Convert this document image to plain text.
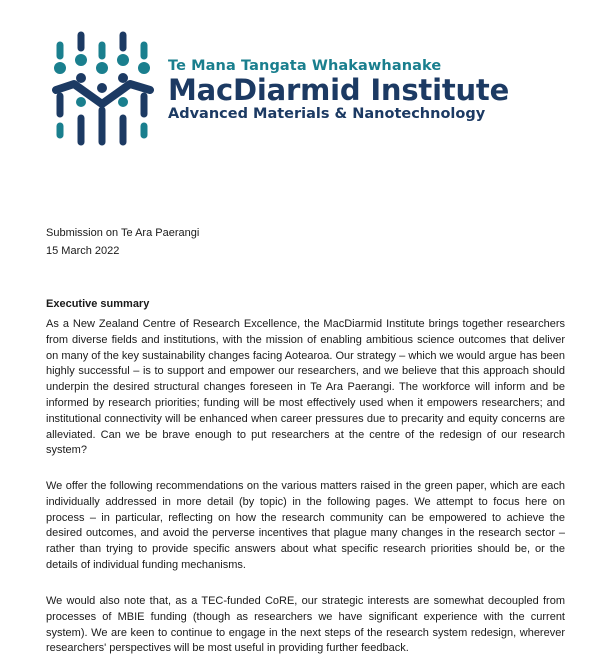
Te Mana Tangata Whakawhanake
MacDiarmid Institute
Advanced Materials & Nanotechnology
Submission on Te Ara Paerangi
15 March 2022
Executive summary

As a New Zealand Centre of Research Excellence, the MacDiarmid Institute brings together researchers from diverse fields and institutions, with the mission of enabling ambitious science outcomes that deliver on many of the key sustainability changes facing Aotearoa. Our strategy – which we would argue has been highly successful – is to support and empower our researchers, and we believe that this approach should underpin the desired structural changes foreseen in Te Ara Paerangi. The workforce will inform and be informed by research priorities; funding will be most effectively used when it empowers researchers; and institutional connectivity will be enhanced when career pressures due to precarity and equity concerns are alleviated. Can we be brave enough to put researchers at the centre of the redesign of our research system?

We offer the following recommendations on the various matters raised in the green paper, which are each individually addressed in more detail (by topic) in the following pages. We attempt to focus here on process – in particular, reflecting on how the research community can be empowered to achieve the desired outcomes, and avoid the perverse incentives that plague many changes in the research sector – rather than trying to provide specific answers about what specific research priorities should be, or the details of individual funding mechanisms.

We would also note that, as a TEC-funded CoRE, our strategic interests are somewhat decoupled from processes of MBIE funding (though as researchers we have significant experience with the current system). We are keen to continue to engage in the next steps of the research system redesign, wherever researchers' perspectives will be most useful in providing further feedback.
